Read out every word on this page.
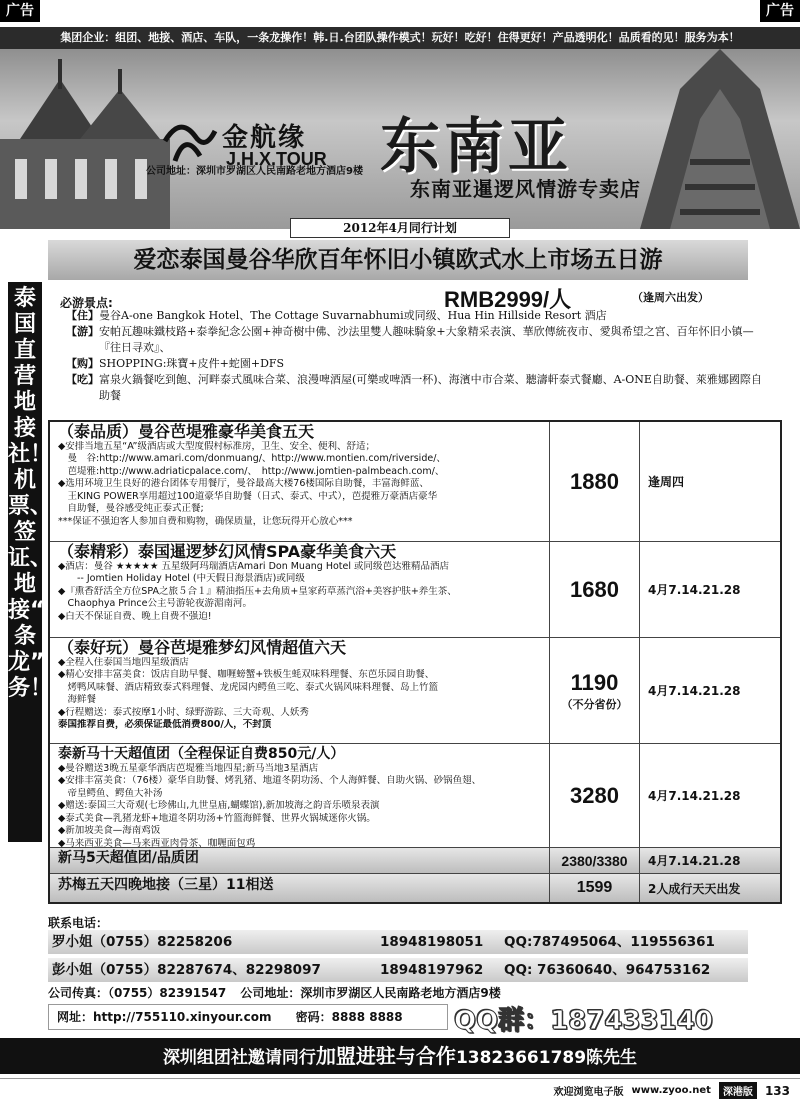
广告	广告
集团企业：组团、地接、酒店、车队，一条龙操作！韩.日.台团队操作模式！玩好！吃好！住得更好！产品透明化！品质看的见！服务为本！
金航缘
J.H.X.TOUR
公司地址：深圳市罗湖区人民南路老地方酒店9楼 东南亚
东南亚暹逻风情游专卖店
2012年4月同行计划
爱恋泰国曼谷华欣百年怀旧小镇欧式水上市场五日游
泰国直营地接社！机票、签证、地接“一条龙”服务！
必游景点:	RMB2999/人	（逢周六出发）
【住】 曼谷A-one Bangkok Hotel、The Cottage Suvarnabhumi或同级、Hua Hin Hillside Resort 酒店
【游】 安帕瓦趣味鐵枝路+泰拳紀念公園+神奇樹中佛、沙法里雙人趣味騎象+大象精采表演、華欣傳統夜市、愛與希望之宮、百年怀旧小镇—『往日寻欢』、
【购】 SHOPPING:珠寶+皮件+蛇園+DFS
【吃】 富泉火鍋餐吃到飽、河畔泰式風味合菜、浪漫啤酒屋(可樂或啤酒一杯)、海濱中市合菜、聽濤軒泰式餐廳、A-ONE自助餐、萊雅娜國際自助餐
（泰品质）曼谷芭堤雅豪华美食五天
◆安排当地五星“A”级酒店或大型度假村标准房，卫生、安全、便利、舒适；
　曼　谷:http://www.amari.com/donmuang/、http://www.montien.com/riverside/、
　芭堤雅:http://www.adriaticpalace.com/、　http://www.jomtien-palmbeach.com/、
◆选用环境卫生良好的港台团体专用餐厅，曼谷最高大楼76楼国际自助餐，丰富海鲜蓝、
　王KING POWER享用超过100道豪华自助餐（日式、泰式、中式），芭提雅万豪酒店豪华
　自助餐，曼谷感受纯正泰式正餐;
***保证不强迫客人参加自费和购物，确保质量，让您玩得开心放心***
1880	逢周四
（泰精彩）泰国暹逻梦幻风情SPA豪华美食六天
◆酒店：曼谷 ★★★★★ 五星级阿玛瑞酒店Amari Don Muang Hotel 或同级芭达雅精品酒店
　　-- Jomtien Holiday Hotel (中天假日海景酒店)或同级
◆『熏香舒活全方位SPA之旅５合１』精油指压+去角质+皇家药草蒸汽浴+美容护肤+养生茶、
　Chaophya Prince公主号游轮夜游湄南河。
◆白天不保证自费、晚上自费不强迫!
1680	4月7.14.21.28
（泰好玩）曼谷芭堤雅梦幻风情超值六天
◆全程入住泰国当地四星级酒店
◆精心安排丰富美食：饭店自助早餐、咖喱螃蟹+铁板生蚝双味料理餐、东芭乐园自助餐、
　烤鸭风味餐、酒店精致泰式料理餐、龙虎园内鳄鱼三吃、泰式火锅风味料理餐、岛上竹篮
　海鲜餐
◆行程赠送：泰式按摩1小时、绿野游踪、三大奇观、人妖秀
泰国推荐自费，必须保证最低消费800/人，不封顶
1190
（不分省份）
4月7.14.21.28
泰新马十天超值团（全程保证自费850元/人）
◆曼谷赠送3晚五星豪华酒店芭堤雅当地四星;新马当地3星酒店
◆安排丰富美食：（76楼）豪华自助餐、烤乳猪、地道冬阴功汤、个人海鲜餐、自助火锅、砂锅鱼翅、
　帝皇鳄鱼、鳄鱼大补汤
◆赠送:泰国三大奇观(七珍佛山,九世皇庙,蝴蝶馆),新加坡海之韵音乐喷泉表演
◆泰式美食—乳猪龙虾+地道冬阴功汤+竹篮海鲜餐、世界火锅城迷你火锅。
◆新加坡美食—海南鸡饭
◆马来西亚美食—马来西亚肉骨茶、咖喱面包鸡
3280	4月7.14.21.28
新马5天超值团/品质团	2380/3380	4月7.14.21.28
苏梅五天四晚地接（三星）11相送	1599	2人成行天天出发
联系电话：
罗小姐（0755）82258206	18948198051 QQ:787495064、119556361
彭小姐（0755）82287674、82298097	18948197962 QQ: 76360640、964753162
公司传真：（0755）82391547 公司地址：深圳市罗湖区人民南路老地方酒店9楼
网址：http://755110.xinyour.com 密码：8888 8888	QQ群：187433140
深圳组团社邀请同行加盟进驻与合作13823661789陈先生
欢迎浏览电子版 www.zyoo.net	深港版	133
